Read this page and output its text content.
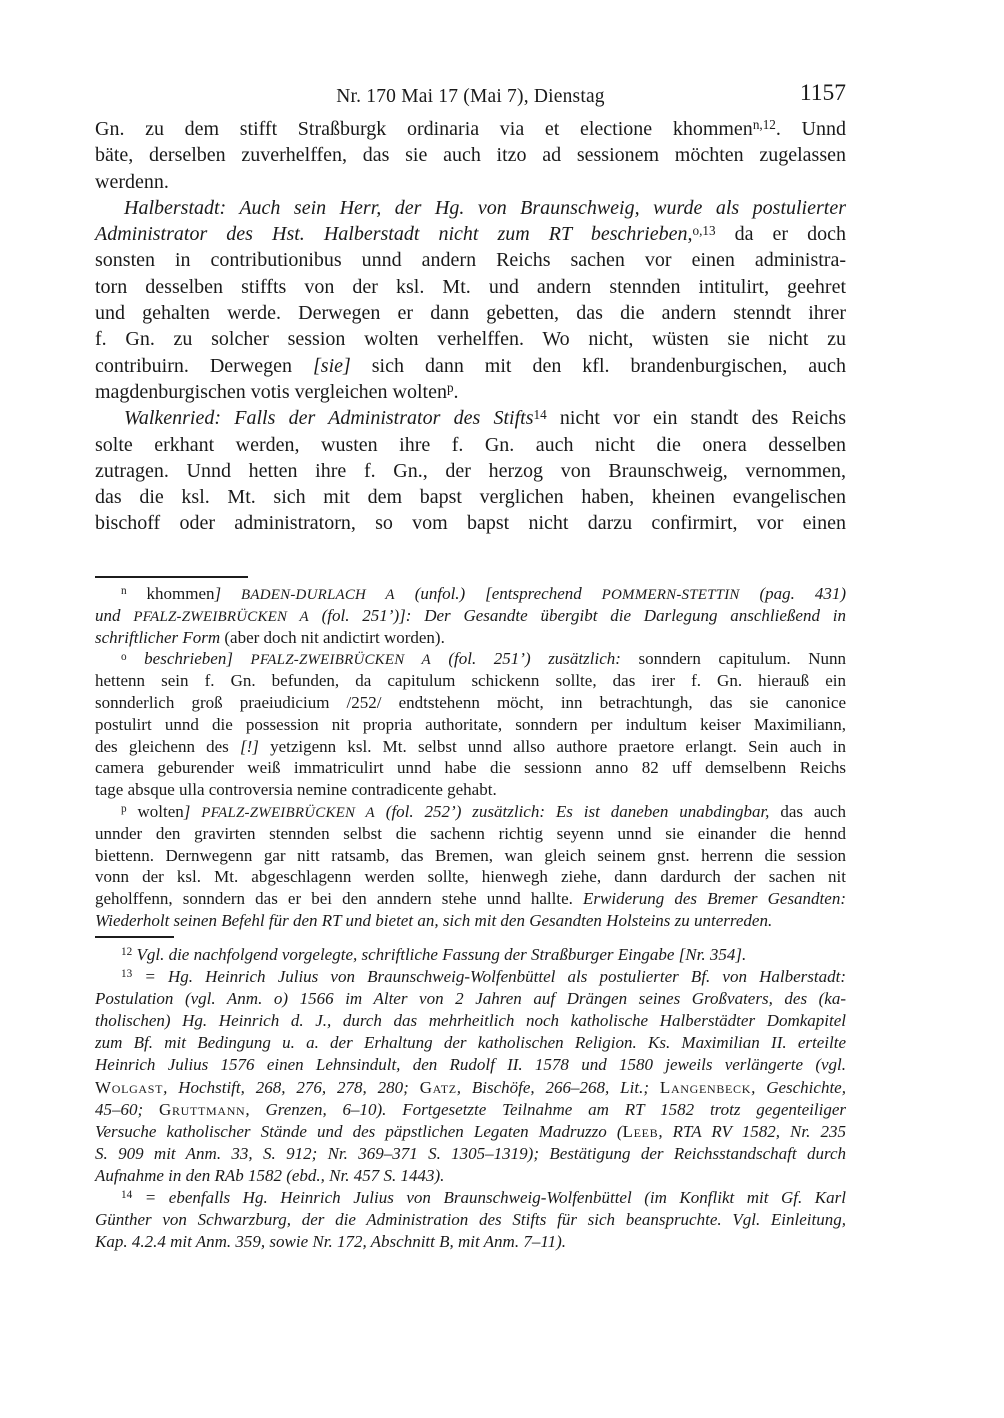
Nr. 170 Mai 17 (Mai 7), Dienstag	1157
Gn. zu dem stifft Straßburgk ordinaria via et electione khommen$^{n,12}$. Unnd
bäte, derselben zuverhelffen, das sie auch itzo ad sessionem möchten zugelassen
werdenn.
Halberstadt: Auch sein Herr, der Hg. von Braunschweig, wurde als postulierter
Administrator des Hst. Halberstadt nicht zum RT beschrieben,$^{o,13}$ da er doch
sonsten in contributionibus unnd andern Reichs sachen vor einen administra-
torn desselben stiffts von der ksl. Mt. und andern stennden intitulirt, geehret
und gehalten werde. Derwegen er dann gebetten, das die andern stenndt ihrer
f. Gn. zu solcher session wolten verhelffen. Wo nicht, wüsten sie nicht zu
contribuirn. Derwegen [sie] sich dann mit den kfl. brandenburgischen, auch
magdenburgischen votis vergleichen wolten$^p$.
Walkenried: Falls der Administrator des Stifts$^{14}$ nicht vor ein standt des Reichs
solte erkhant werden, wusten ihre f. Gn. auch nicht die onera desselben
zutragen. Unnd hetten ihre f. Gn., der herzog von Braunschweig, vernommen,
das die ksl. Mt. sich mit dem bapst verglichen haben, kheinen evangelischen
bischoff oder administratorn, so vom bapst nicht darzu confirmirt, vor einen
$^n$ khommen] BADEN-DURLACH A (unfol.) [entsprechend POMMERN-STETTIN (pag. 431)
und PFALZ-ZWEIBRÜCKEN A (fol. 251’)]: Der Gesandte übergibt die Darlegung anschließend in
schriftlicher Form (aber doch nit andictirt worden).
$^o$ beschrieben] PFALZ-ZWEIBRÜCKEN A (fol. 251’) zusätzlich: sonndern capitulum. Nunn
hettenn sein f. Gn. befunden, da capitulum schickenn sollte, das irer f. Gn. hierauß ein
sonnderlich groß praeiudicium /252/ endtstehenn möcht, inn betrachtungh, das sie canonice
postulirt unnd die possession nit propria authoritate, sonndern per indultum keiser Maximiliann,
des gleichenn des [!] yetzigenn ksl. Mt. selbst unnd allso authore praetore erlangt. Sein auch in
camera geburender weiß immatriculirt unnd habe die sessionn anno 82 uff demselbenn Reichs
tage absque ulla controversia nemine contradicente gehabt.
$^p$ wolten] PFALZ-ZWEIBRÜCKEN A (fol. 252’) zusätzlich: Es ist daneben unabdingbar, das auch
unnder den gravirten stennden selbst die sachenn richtig seyenn unnd sie einander die hennd
biettenn. Dernwegenn gar nitt ratsamb, das Bremen, wan gleich seinem gnst. herrenn die session
vonn der ksl. Mt. abgeschlagenn werden sollte, hienwegh ziehe, dann dardurch der sachen nit
geholffenn, sonndern das er bei den anndern stehe unnd hallte. Erwiderung des Bremer Gesandten:
Wiederholt seinen Befehl für den RT und bietet an, sich mit den Gesandten Holsteins zu unterreden.
$^{12}$ Vgl. die nachfolgend vorgelegte, schriftliche Fassung der Straßburger Eingabe [Nr. 354].
$^{13}$ = Hg. Heinrich Julius von Braunschweig-Wolfenbüttel als postulierter Bf. von Halberstadt:
Postulation (vgl. Anm. o) 1566 im Alter von 2 Jahren auf Drängen seines Großvaters, des (ka-
tholischen) Hg. Heinrich d. J., durch das mehrheitlich noch katholische Halberstädter Domkapitel
zum Bf. mit Bedingung u. a. der Erhaltung der katholischen Religion. Ks. Maximilian II. erteilte
Heinrich Julius 1576 einen Lehnsindult, den Rudolf II. 1578 und 1580 jeweils verlängerte (vgl.
Wolgast, Hochstift, 268, 276, 278, 280; Gatz, Bischöfe, 266–268, Lit.; Langenbeck, Geschichte,
45–60; Gruttmann, Grenzen, 6–10). Fortgesetzte Teilnahme am RT 1582 trotz gegenteiliger
Versuche katholischer Stände und des päpstlichen Legaten Madruzzo (Leeb, RTA RV 1582, Nr. 235
S. 909 mit Anm. 33, S. 912; Nr. 369–371 S. 1305–1319); Bestätigung der Reichsstandschaft durch
Aufnahme in den RAb 1582 (ebd., Nr. 457 S. 1443).
$^{14}$ = ebenfalls Hg. Heinrich Julius von Braunschweig-Wolfenbüttel (im Konflikt mit Gf. Karl
Günther von Schwarzburg, der die Administration des Stifts für sich beanspruchte. Vgl. Einleitung,
Kap. 4.2.4 mit Anm. 359, sowie Nr. 172, Abschnitt B, mit Anm. 7–11).
